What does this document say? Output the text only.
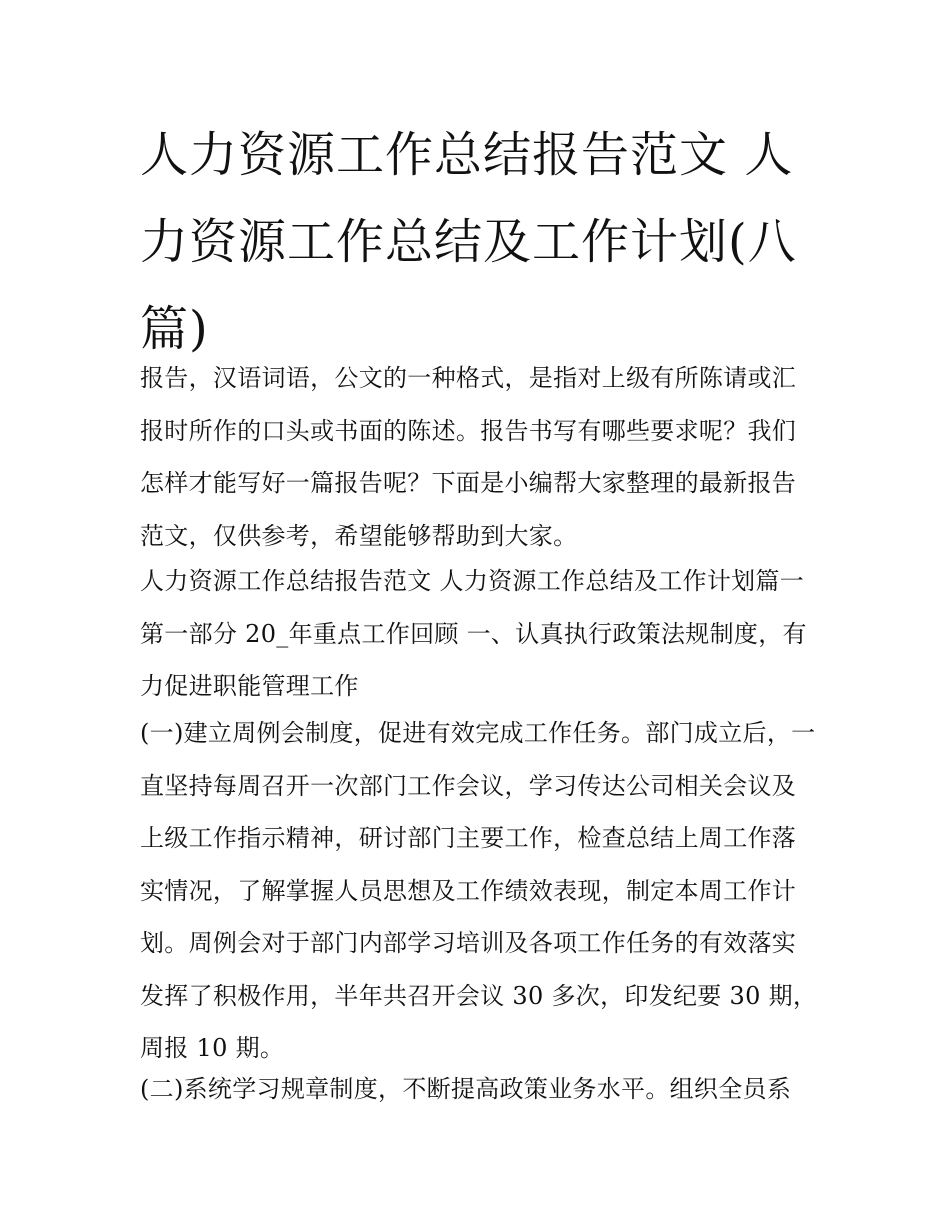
人力资源工作总结报告范文 人力资源工作总结及工作计划(八篇)

报告，汉语词语，公文的一种格式，是指对上级有所陈请或汇报时所作的口头或书面的陈述。报告书写有哪些要求呢？我们怎样才能写好一篇报告呢？下面是小编帮大家整理的最新报告范文，仅供参考，希望能够帮助到大家。

人力资源工作总结报告范文 人力资源工作总结及工作计划篇一 第一部分 20_年重点工作回顾 一、认真执行政策法规制度，有力促进职能管理工作

(一)建立周例会制度，促进有效完成工作任务。部门成立后，一直坚持每周召开一次部门工作会议，学习传达公司相关会议及上级工作指示精神，研讨部门主要工作，检查总结上周工作落实情况，了解掌握人员思想及工作绩效表现，制定本周工作计划。周例会对于部门内部学习培训及各项工作任务的有效落实发挥了积极作用，半年共召开会议 30 多次，印发纪要 30 期，周报 10 期。

(二)系统学习规章制度，不断提高政策业务水平。组织全员系
